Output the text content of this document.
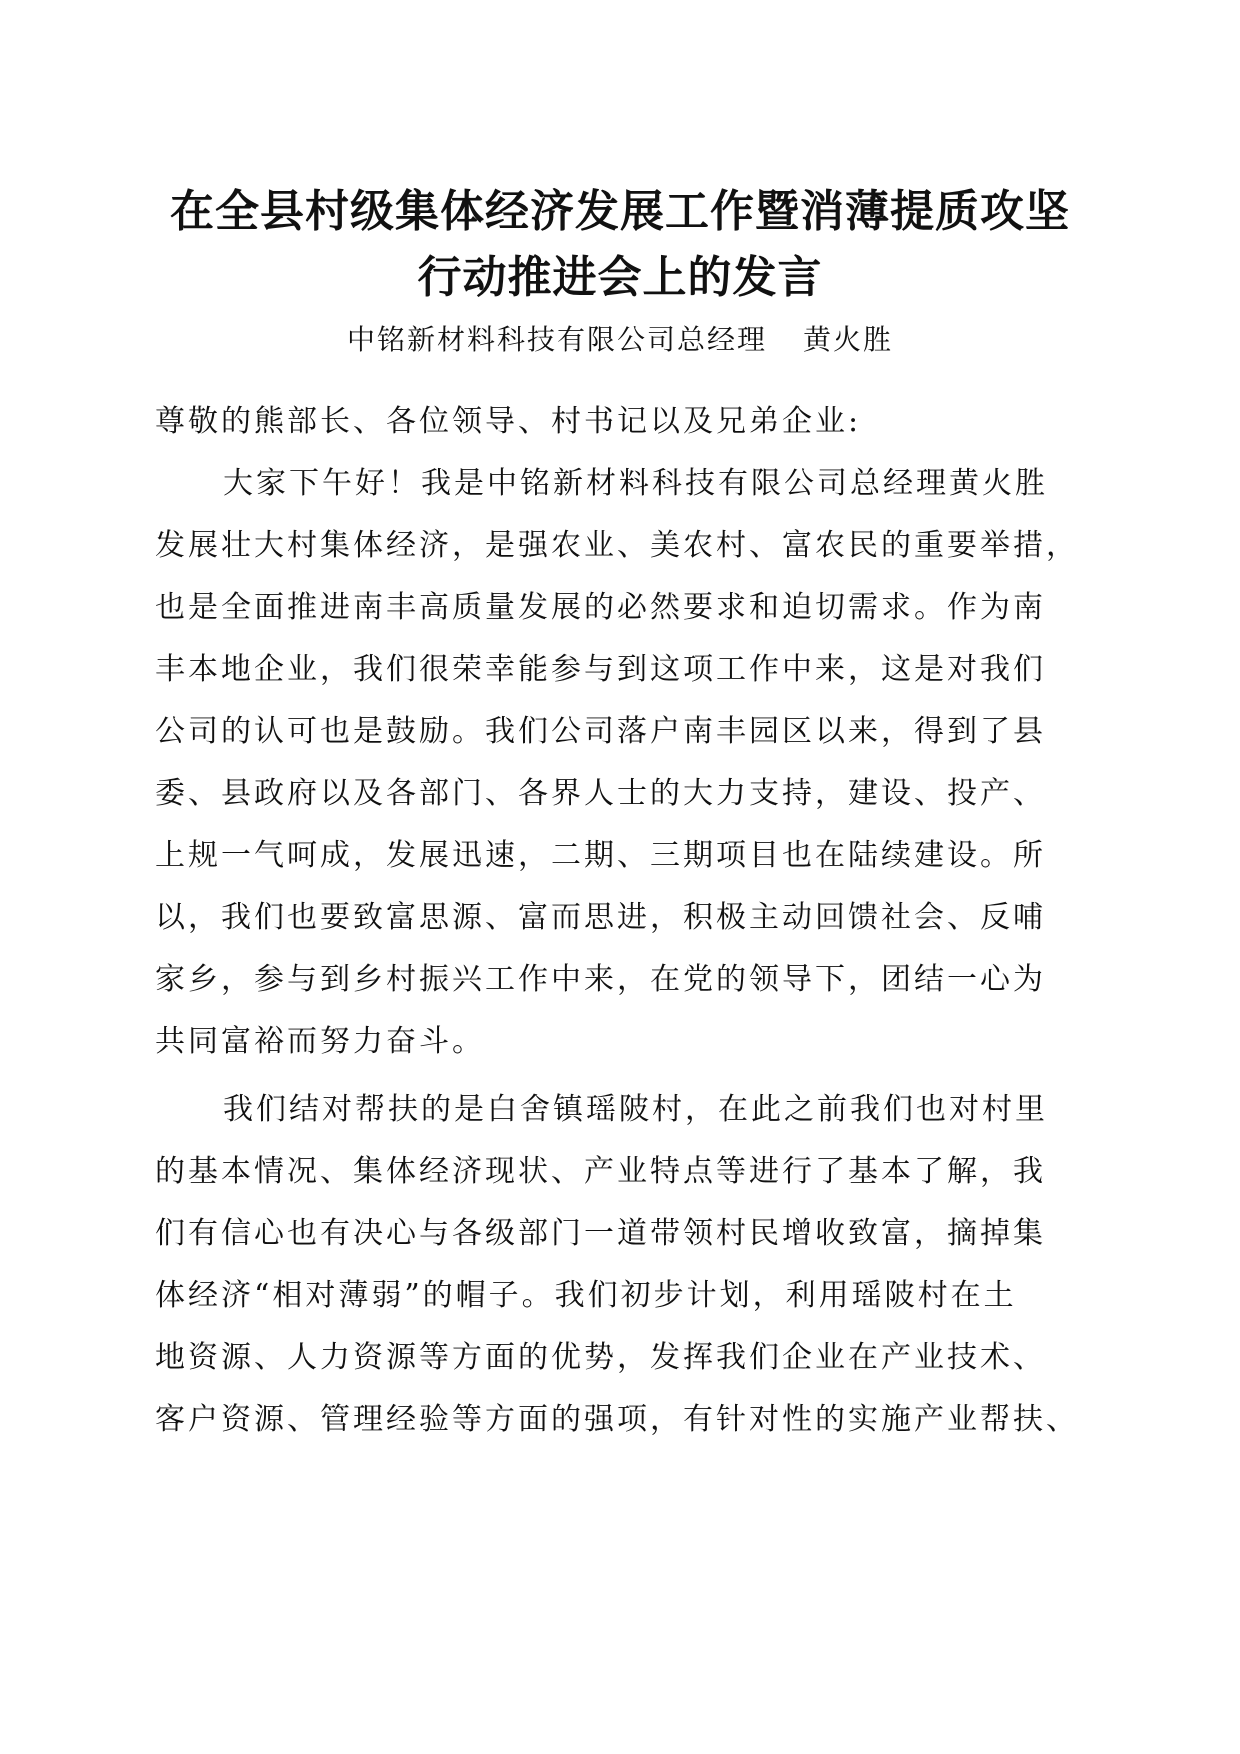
在全县村级集体经济发展工作暨消薄提质攻坚
行动推进会上的发言
中铭新材料科技有限公司总经理 黄火胜
尊敬的熊部长、各位领导、村书记以及兄弟企业:
大家下午好！我是中铭新材料科技有限公司总经理黄火胜
发展壮大村集体经济，是强农业、美农村、富农民的重要举措，
也是全面推进南丰高质量发展的必然要求和迫切需求。作为南
丰本地企业，我们很荣幸能参与到这项工作中来，这是对我们
公司的认可也是鼓励。我们公司落户南丰园区以来，得到了县
委、县政府以及各部门、各界人士的大力支持，建设、投产、
上规一气呵成，发展迅速，二期、三期项目也在陆续建设。所
以，我们也要致富思源、富而思进，积极主动回馈社会、反哺
家乡，参与到乡村振兴工作中来，在党的领导下，团结一心为
共同富裕而努力奋斗。
我们结对帮扶的是白舍镇瑶陂村，在此之前我们也对村里
的基本情况、集体经济现状、产业特点等进行了基本了解，我
们有信心也有决心与各级部门一道带领村民增收致富，摘掉集
体经济“相对薄弱”的帽子。我们初步计划，利用瑶陂村在土
地资源、人力资源等方面的优势，发挥我们企业在产业技术、
客户资源、管理经验等方面的强项，有针对性的实施产业帮扶、
